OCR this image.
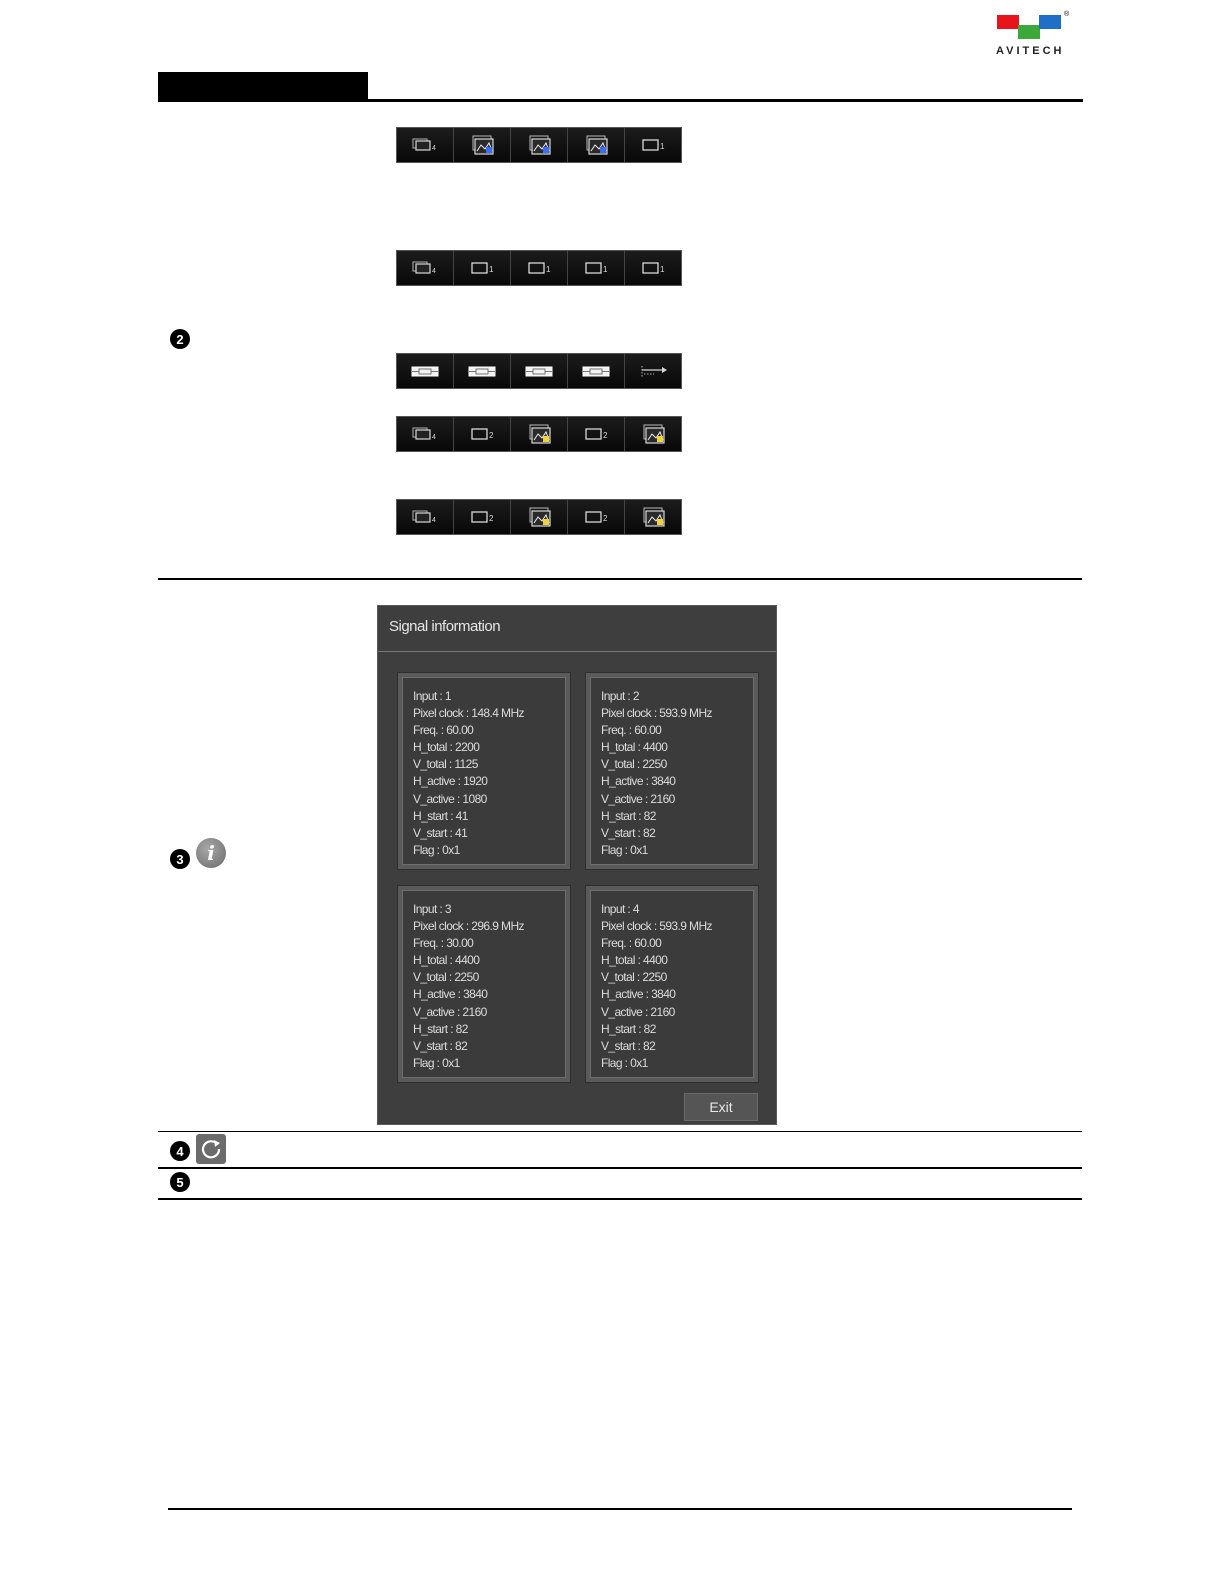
®
AVITECH
4	1
4	1	1	1	1
4	2	2
4	2	2
2
3	i
Signal information
Input : 1
Pixel clock : 148.4 MHz
Freq. : 60.00
H_total : 2200
V_total : 1125
H_active : 1920
V_active : 1080
H_start : 41
V_start : 41
Flag : 0x1
Input : 2
Pixel clock : 593.9 MHz
Freq. : 60.00
H_total : 4400
V_total : 2250
H_active : 3840
V_active : 2160
H_start : 82
V_start : 82
Flag : 0x1
Input : 3
Pixel clock : 296.9 MHz
Freq. : 30.00
H_total : 4400
V_total : 2250
H_active : 3840
V_active : 2160
H_start : 82
V_start : 82
Flag : 0x1
Input : 4
Pixel clock : 593.9 MHz
Freq. : 60.00
H_total : 4400
V_total : 2250
H_active : 3840
V_active : 2160
H_start : 82
V_start : 82
Flag : 0x1
Exit
4
5
